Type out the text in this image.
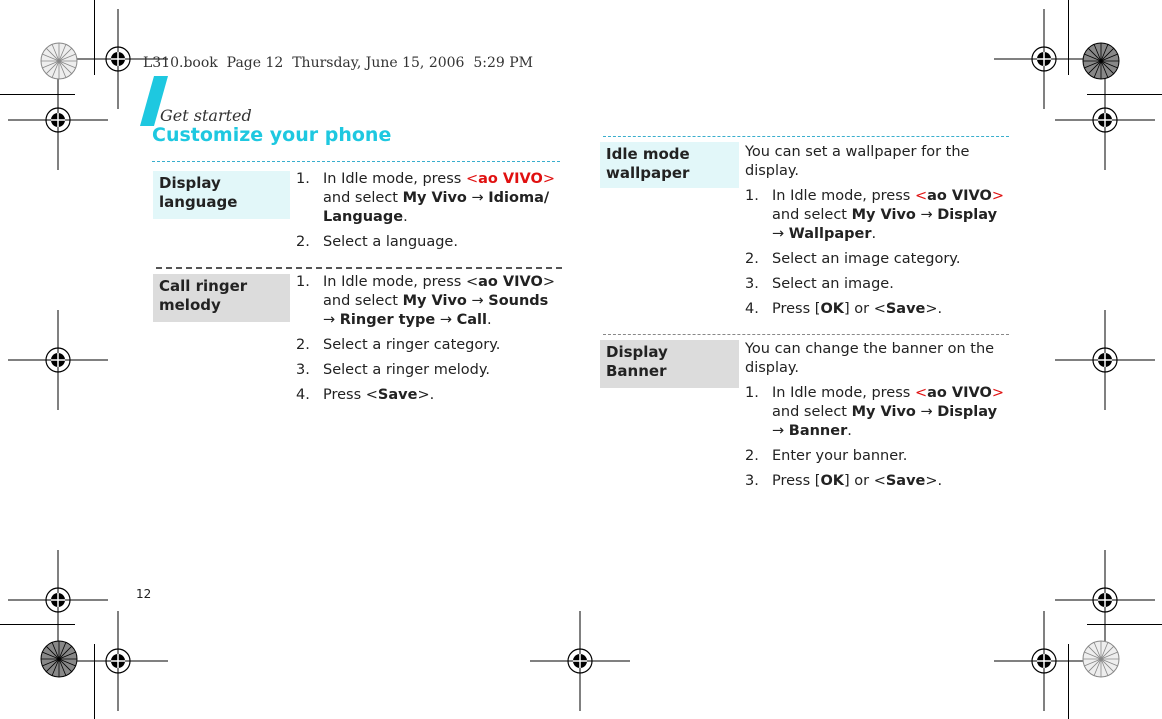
L310.book  Page 12  Thursday, June 15, 2006  5:29 PM
Get started
Customize your phone
Display language
1. In Idle mode, press <ao VIVO> and select My Vivo → Idioma/ Language.
2. Select a language.
Call ringer melody
1. In Idle mode, press <ao VIVO> and select My Vivo → Sounds → Ringer type → Call.
2. Select a ringer category.
3. Select a ringer melody.
4. Press <Save>.
Idle mode wallpaper

You can set a wallpaper for the display.

1. In Idle mode, press <ao VIVO> and select My Vivo → Display → Wallpaper.
2. Select an image category.
3. Select an image.
4. Press [OK] or <Save>.
Display Banner

You can change the banner on the display.

1. In Idle mode, press <ao VIVO> and select My Vivo → Display → Banner.
2. Enter your banner.
3. Press [OK] or <Save>.
12
